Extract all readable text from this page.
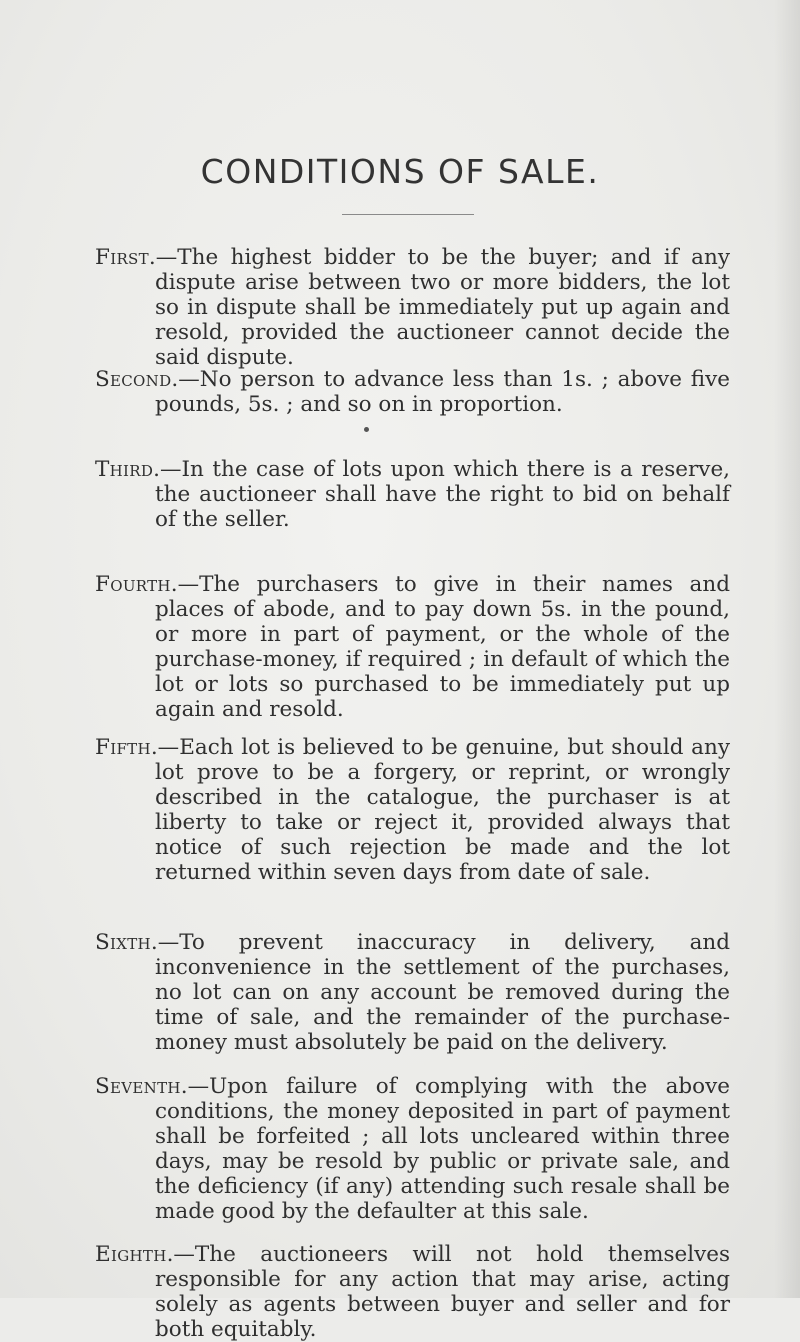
CONDITIONS OF SALE.

First.—The highest bidder to be the buyer; and if any dispute arise between two or more bidders, the lot so in dispute shall be immediately put up again and resold, provided the auctioneer cannot decide the said dispute.

Second.—No person to advance less than 1s. ; above five pounds, 5s. ; and so on in proportion.

Third.—In the case of lots upon which there is a reserve, the auctioneer shall have the right to bid on behalf of the seller.

Fourth.—The purchasers to give in their names and places of abode, and to pay down 5s. in the pound, or more in part of payment, or the whole of the purchase-money, if required ; in default of which the lot or lots so purchased to be immediately put up again and resold.

Fifth.—Each lot is believed to be genuine, but should any lot prove to be a forgery, or reprint, or wrongly described in the catalogue, the purchaser is at liberty to take or reject it, provided always that notice of such rejection be made and the lot returned within seven days from date of sale.

Sixth.—To prevent inaccuracy in delivery, and inconvenience in the settlement of the purchases, no lot can on any account be removed during the time of sale, and the remainder of the purchase-money must absolutely be paid on the delivery.

Seventh.—Upon failure of complying with the above conditions, the money deposited in part of payment shall be forfeited ; all lots uncleared within three days, may be resold by public or private sale, and the deficiency (if any) attending such resale shall be made good by the defaulter at this sale.

Eighth.—The auctioneers will not hold themselves responsible for any action that may arise, acting solely as agents between buyer and seller and for both equitably.
